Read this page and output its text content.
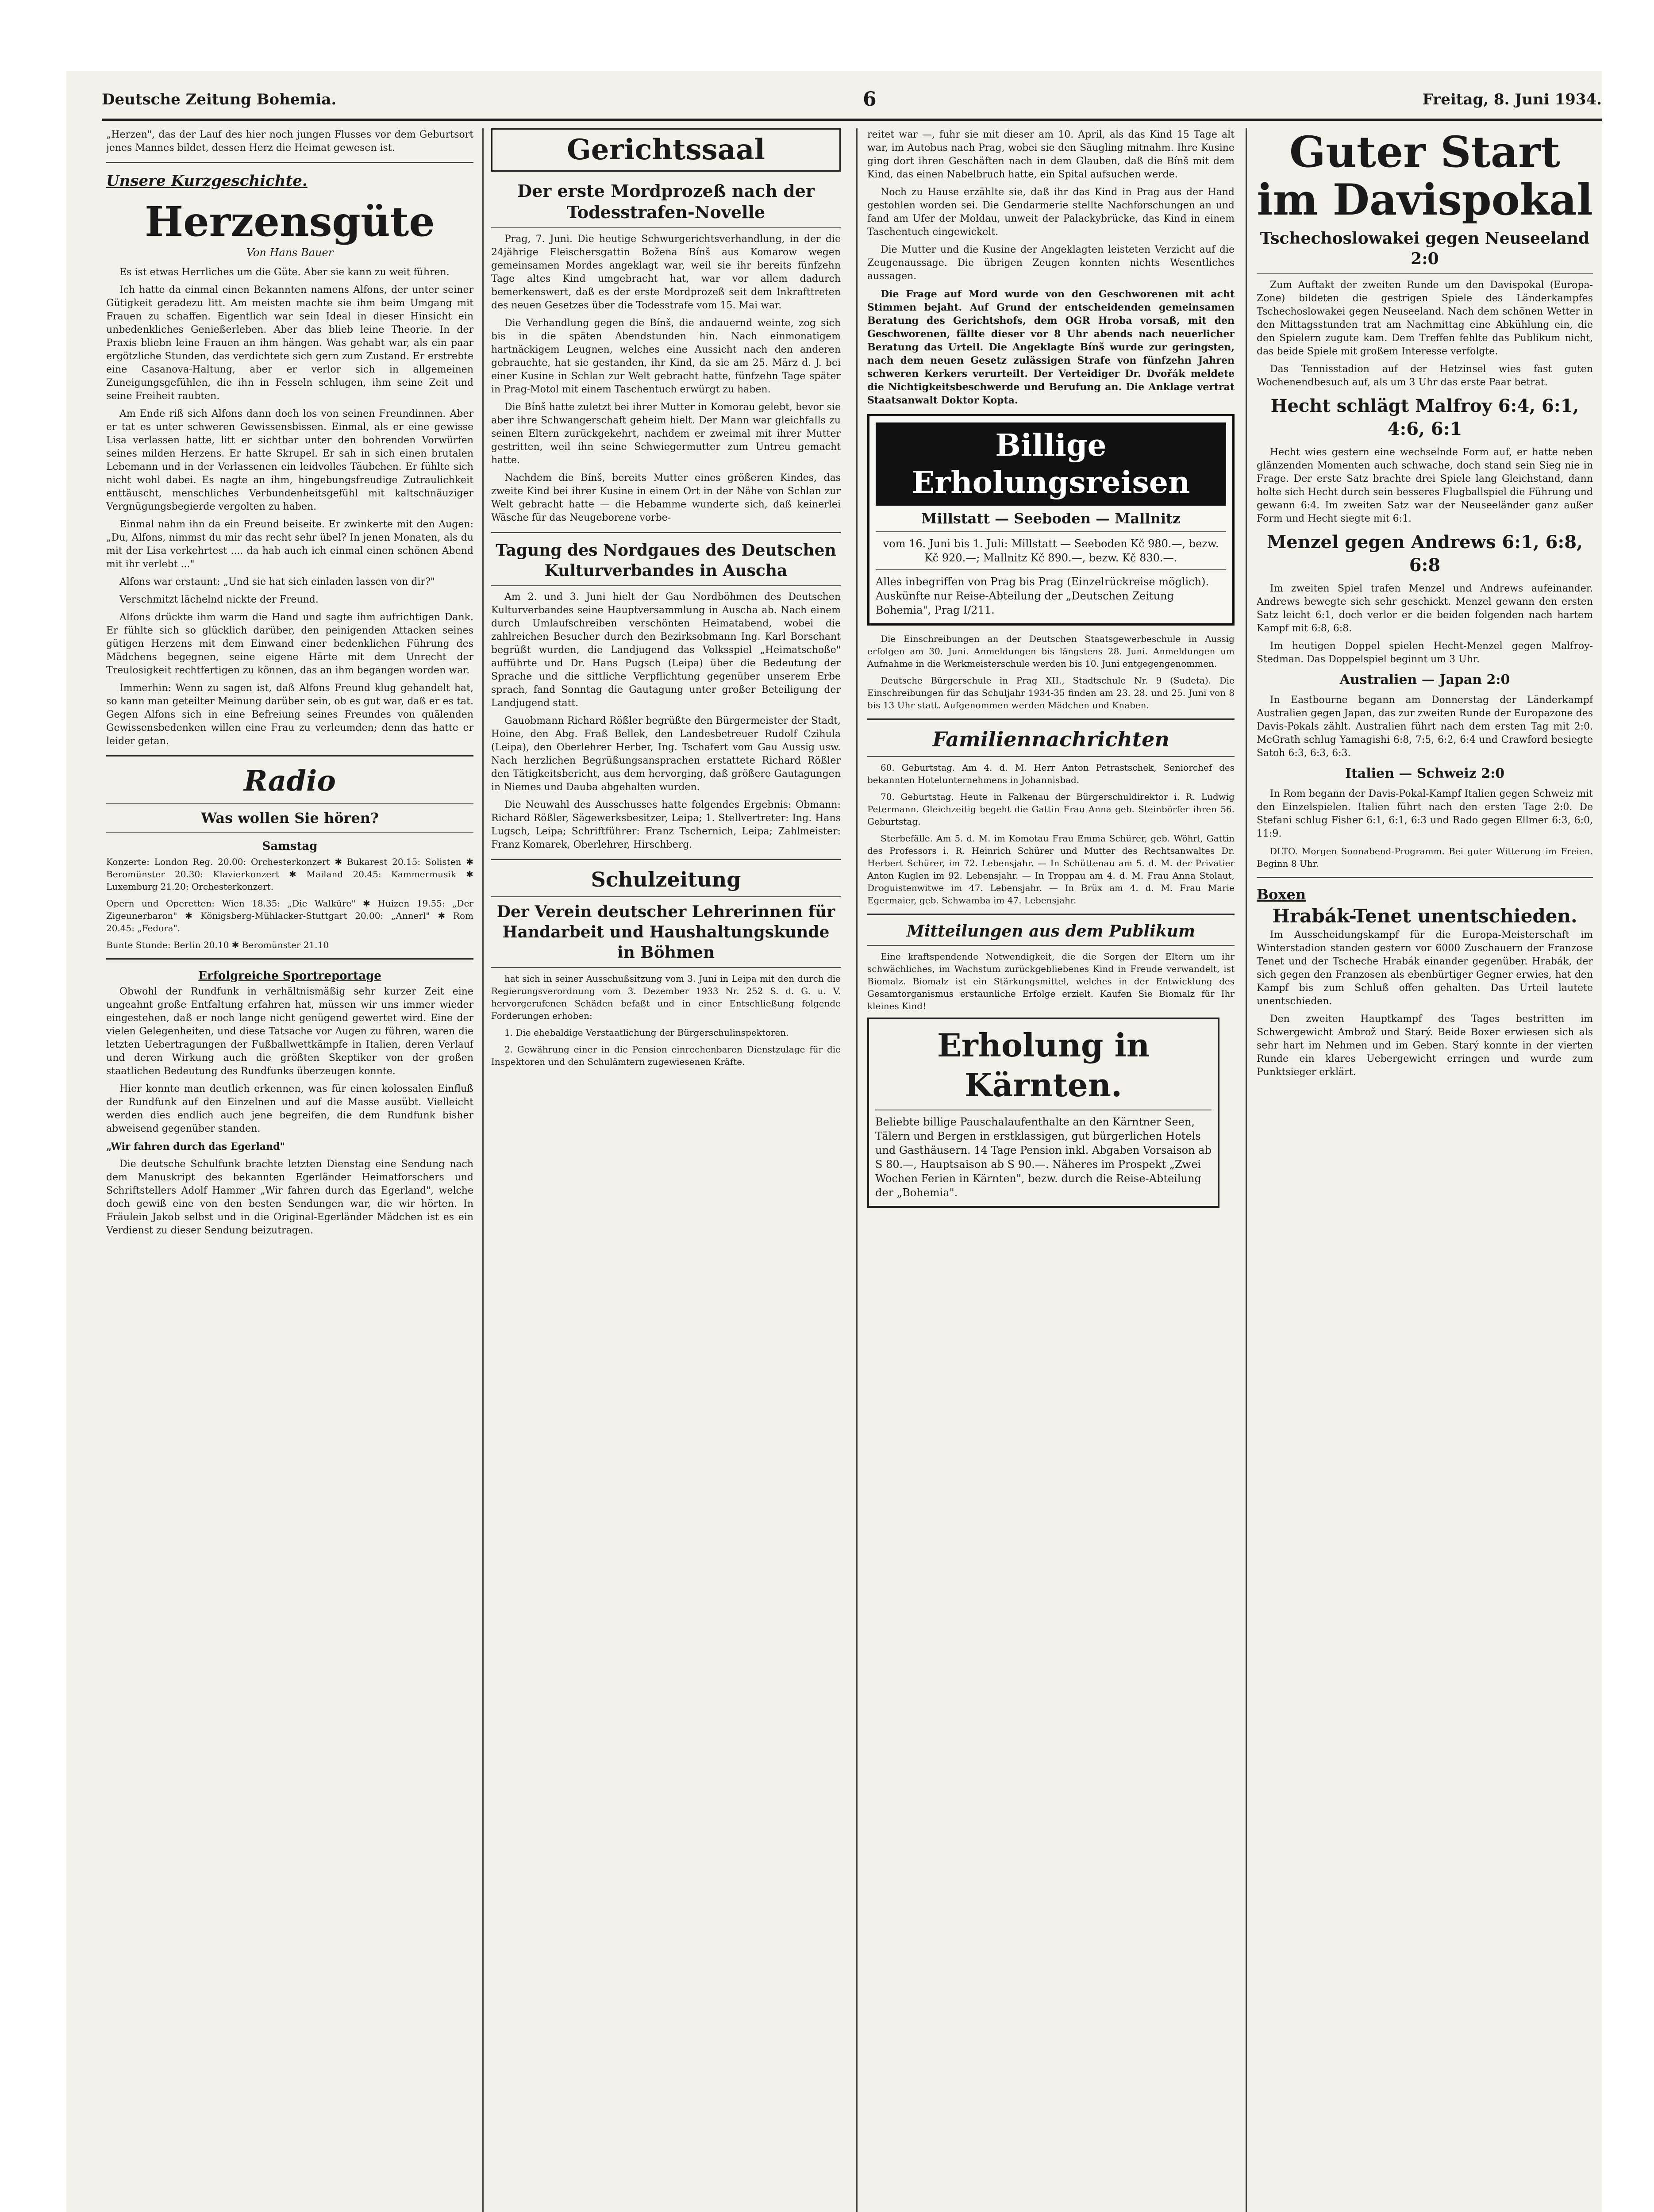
Deutsche Zeitung Bohemia.	6	Freitag, 8. Juni 1934.

„Herzen", das der Lauf des hier noch jungen Flusses vor dem Geburtsort jenes Mannes bildet, dessen Herz die Heimat gewesen ist.

Unsere Kurzgeschichte.
Herzensgüte
Von Hans Bauer

Es ist etwas Herrliches um die Güte. Aber sie kann zu weit führen.

Ich hatte da einmal einen Bekannten namens Alfons, der unter seiner Gütigkeit geradezu litt. Am meisten machte sie ihm beim Umgang mit Frauen zu schaffen. Eigentlich war sein Ideal in dieser Hinsicht ein unbedenkliches Genießerleben. Aber das blieb leine Theorie. In der Praxis bliebn leine Frauen an ihm hängen. Was gehabt war, als ein paar ergötzliche Stunden, das verdichtete sich gern zum Zustand. Er erstrebte eine Casanova-Haltung, aber er verlor sich in allgemeinen Zuneigungsgefühlen, die ihn in Fesseln schlugen, ihm seine Zeit und seine Freiheit raubten.

Am Ende riß sich Alfons dann doch los von seinen Freundinnen. Aber er tat es unter schweren Gewissensbissen. Einmal, als er eine gewisse Lisa verlassen hatte, litt er sichtbar unter den bohrenden Vorwürfen seines milden Herzens. Er hatte Skrupel. Er sah in sich einen brutalen Lebemann und in der Verlassenen ein leidvolles Täubchen. Er fühlte sich nicht wohl dabei. Es nagte an ihm, hingebungsfreudige Zutraulichkeit enttäuscht, menschliches Verbundenheitsgefühl mit kaltschnäuziger Vergnügungsbegierde vergolten zu haben.

Einmal nahm ihn da ein Freund beiseite. Er zwinkerte mit den Augen: „Du, Alfons, nimmst du mir das recht sehr übel? In jenen Monaten, als du mit der Lisa verkehrtest .... da hab auch ich einmal einen schönen Abend mit ihr verlebt ..."

Alfons war erstaunt: „Und sie hat sich einladen lassen von dir?"

Verschmitzt lächelnd nickte der Freund.

Alfons drückte ihm warm die Hand und sagte ihm aufrichtigen Dank. Er fühlte sich so glücklich darüber, den peinigenden Attacken seines gütigen Herzens mit dem Einwand einer bedenklichen Führung des Mädchens begegnen, seine eigene Härte mit dem Unrecht der Treulosigkeit rechtfertigen zu können, das an ihm begangen worden war.

Immerhin: Wenn zu sagen ist, daß Alfons Freund klug gehandelt hat, so kann man geteilter Meinung darüber sein, ob es gut war, daß er es tat. Gegen Alfons sich in eine Befreiung seines Freundes von quälenden Gewissensbedenken willen eine Frau zu verleumden; denn das hatte er leider getan.

Radio
Was wollen Sie hören?
Samstag

Konzerte: London Reg. 20.00: Orchesterkonzert ✱ Bukarest 20.15: Solisten ✱ Beromünster 20.30: Klavierkonzert ✱ Mailand 20.45: Kammermusik ✱ Luxemburg 21.20: Orchesterkonzert.

Opern und Operetten: Wien 18.35: „Die Walküre" ✱ Huizen 19.55: „Der Zigeunerbaron" ✱ Königsberg-Mühlacker-Stuttgart 20.00: „Annerl" ✱ Rom 20.45: „Fedora".

Bunte Stunde: Berlin 20.10 ✱ Beromünster 21.10

Erfolgreiche Sportreportage

Obwohl der Rundfunk in verhältnismäßig sehr kurzer Zeit eine ungeahnt große Entfaltung erfahren hat, müssen wir uns immer wieder eingestehen, daß er noch lange nicht genügend gewertet wird. Eine der vielen Gelegenheiten, und diese Tatsache vor Augen zu führen, waren die letzten Uebertragungen der Fußballwettkämpfe in Italien, deren Verlauf und deren Wirkung auch die größten Skeptiker von der großen staatlichen Bedeutung des Rundfunks überzeugen konnte.

Hier konnte man deutlich erkennen, was für einen kolossalen Einfluß der Rundfunk auf den Einzelnen und auf die Masse ausübt. Vielleicht werden dies endlich auch jene begreifen, die dem Rundfunk bisher abweisend gegenüber standen.

„Wir fahren durch das Egerland"

Die deutsche Schulfunk brachte letzten Dienstag eine Sendung nach dem Manuskript des bekannten Egerländer Heimatforschers und Schriftstellers Adolf Hammer „Wir fahren durch das Egerland", welche doch gewiß eine von den besten Sendungen war, die wir hörten. In Fräulein Jakob selbst und in die Original-Egerländer Mädchen ist es ein Verdienst zu dieser Sendung beizutragen.

Gerichtssaal
Der erste Mordprozeß nach der Todesstrafen-Novelle

Prag, 7. Juni. Die heutige Schwurgerichtsverhandlung, in der die 24jährige Fleischersgattin Božena Bínš aus Komarow wegen gemeinsamen Mordes angeklagt war, weil sie ihr bereits fünfzehn Tage altes Kind umgebracht hat, war vor allem dadurch bemerkenswert, daß es der erste Mordprozeß seit dem Inkrafttreten des neuen Gesetzes über die Todesstrafe vom 15. Mai war.

Die Verhandlung gegen die Bínš, die andauernd weinte, zog sich bis in die späten Abendstunden hin. Nach einmonatigem hartnäckigem Leugnen, welches eine Aussicht nach den anderen gebrauchte, hat sie gestanden, ihr Kind, da sie am 25. März d. J. bei einer Kusine in Schlan zur Welt gebracht hatte, fünfzehn Tage später in Prag-Motol mit einem Taschentuch erwürgt zu haben.

Die Bínš hatte zuletzt bei ihrer Mutter in Komorau gelebt, bevor sie aber ihre Schwangerschaft geheim hielt. Der Mann war gleichfalls zu seinen Eltern zurückgekehrt, nachdem er zweimal mit ihrer Mutter gestritten, weil ihn seine Schwiegermutter zum Untreu gemacht hatte.

Nachdem die Bínš, bereits Mutter eines größeren Kindes, das zweite Kind bei ihrer Kusine in einem Ort in der Nähe von Schlan zur Welt gebracht hatte — die Hebamme wunderte sich, daß keinerlei Wäsche für das Neugeborene vorbe-

Tagung des Nordgaues des Deutschen Kulturverbandes in Auscha

Am 2. und 3. Juni hielt der Gau Nordböhmen des Deutschen Kulturverbandes seine Hauptversammlung in Auscha ab. Nach einem durch Umlaufschreiben verschönten Heimatabend, wobei die zahlreichen Besucher durch den Bezirksobmann Ing. Karl Borschant begrüßt wurden, die Landjugend das Volksspiel „Heimatschoße" aufführte und Dr. Hans Pugsch (Leipa) über die Bedeutung der Sprache und die sittliche Verpflichtung gegenüber unserem Erbe sprach, fand Sonntag die Gautagung unter großer Beteiligung der Landjugend statt.

Gauobmann Richard Rößler begrüßte den Bürgermeister der Stadt, Hoine, den Abg. Fraß Bellek, den Landesbetreuer Rudolf Czihula (Leipa), den Oberlehrer Herber, Ing. Tschafert vom Gau Aussig usw. Nach herzlichen Begrüßungsansprachen erstattete Richard Rößler den Tätigkeitsbericht, aus dem hervorging, daß größere Gautagungen in Niemes und Dauba abgehalten wurden.

Die Neuwahl des Ausschusses hatte folgendes Ergebnis: Obmann: Richard Rößler, Sägewerksbesitzer, Leipa; 1. Stellvertreter: Ing. Hans Lugsch, Leipa; Schriftführer: Franz Tschernich, Leipa; Zahlmeister: Franz Komarek, Oberlehrer, Hirschberg.

Schulzeitung
Der Verein deutscher Lehrerinnen für Handarbeit und Haushaltungskunde in Böhmen

hat sich in seiner Ausschußsitzung vom 3. Juni in Leipa mit den durch die Regierungsverordnung vom 3. Dezember 1933 Nr. 252 S. d. G. u. V. hervorgerufenen Schäden befaßt und in einer Entschließung folgende Forderungen erhoben:

1. Die ehebaldige Verstaatlichung der Bürgerschulinspektoren.

2. Gewährung einer in die Pension einrechenbaren Dienstzulage für die Inspektoren und den Schulämtern zugewiesenen Kräfte.

reitet war —, fuhr sie mit dieser am 10. April, als das Kind 15 Tage alt war, im Autobus nach Prag, wobei sie den Säugling mitnahm. Ihre Kusine ging dort ihren Geschäften nach in dem Glauben, daß die Bínš mit dem Kind, das einen Nabelbruch hatte, ein Spital aufsuchen werde.

Noch zu Hause erzählte sie, daß ihr das Kind in Prag aus der Hand gestohlen worden sei. Die Gendarmerie stellte Nachforschungen an und fand am Ufer der Moldau, unweit der Palackybrücke, das Kind in einem Taschentuch eingewickelt.

Die Mutter und die Kusine der Angeklagten leisteten Verzicht auf die Zeugenaussage. Die übrigen Zeugen konnten nichts Wesentliches aussagen.

Die Frage auf Mord wurde von den Geschworenen mit acht Stimmen bejaht. Auf Grund der entscheidenden gemeinsamen Beratung des Gerichtshofs, dem OGR Hroba vorsaß, mit den Geschworenen, fällte dieser vor 8 Uhr abends nach neuerlicher Beratung das Urteil. Die Angeklagte Bínš wurde zur geringsten, nach dem neuen Gesetz zulässigen Strafe von fünfzehn Jahren schweren Kerkers verurteilt. Der Verteidiger Dr. Dvořák meldete die Nichtigkeitsbeschwerde und Berufung an. Die Anklage vertrat Staatsanwalt Doktor Kopta.

Billige Erholungsreisen
Millstatt — Seeboden — Mallnitz
vom 16. Juni bis 1. Juli: Millstatt — Seeboden Kč 980.—, bezw. Kč 920.—; Mallnitz Kč 890.—, bezw. Kč 830.—.
Alles inbegriffen von Prag bis Prag (Einzelrückreise möglich). Auskünfte nur Reise-Abteilung der „Deutschen Zeitung Bohemia", Prag I/211.

Die Einschreibungen an der Deutschen Staatsgewerbeschule in Aussig erfolgen am 30. Juni. Anmeldungen bis längstens 28. Juni. Anmeldungen um Aufnahme in die Werkmeisterschule werden bis 10. Juni entgegengenommen.

Deutsche Bürgerschule in Prag XII., Stadtschule Nr. 9 (Sudeta). Die Einschreibungen für das Schuljahr 1934-35 finden am 23. 28. und 25. Juni von 8 bis 13 Uhr statt. Aufgenommen werden Mädchen und Knaben.

Familiennachrichten

60. Geburtstag. Am 4. d. M. Herr Anton Petrastschek, Seniorchef des bekannten Hotelunternehmens in Johannisbad.

70. Geburtstag. Heute in Falkenau der Bürgerschuldirektor i. R. Ludwig Petermann. Gleichzeitig begeht die Gattin Frau Anna geb. Steinbörfer ihren 56. Geburtstag.

Sterbefälle. Am 5. d. M. im Komotau Frau Emma Schürer, geb. Wöhrl, Gattin des Professors i. R. Heinrich Schürer und Mutter des Rechtsanwaltes Dr. Herbert Schürer, im 72. Lebensjahr. — In Schüttenau am 5. d. M. der Privatier Anton Kuglen im 92. Lebensjahr. — In Troppau am 4. d. M. Frau Anna Stolaut, Droguistenwitwe im 47. Lebensjahr. — In Brüx am 4. d. M. Frau Marie Egermaier, geb. Schwamba im 47. Lebensjahr.

Mitteilungen aus dem Publikum

Eine kraftspendende Notwendigkeit, die die Sorgen der Eltern um ihr schwächliches, im Wachstum zurückgebliebenes Kind in Freude verwandelt, ist Biomalz. Biomalz ist ein Stärkungsmittel, welches in der Entwicklung des Gesamtorganismus erstaunliche Erfolge erzielt. Kaufen Sie Biomalz für Ihr kleines Kind!

Erholung in Kärnten.
Beliebte billige Pauschalaufenthalte an den Kärntner Seen, Tälern und Bergen in erstklassigen, gut bürgerlichen Hotels und Gasthäusern. 14 Tage Pension inkl. Abgaben Vorsaison ab S 80.—, Hauptsaison ab S 90.—. Näheres im Prospekt „Zwei Wochen Ferien in Kärnten", bezw. durch die Reise-Abteilung der „Bohemia".
Guter Start im Davispokal
Tschechoslowakei gegen Neuseeland 2:0

Zum Auftakt der zweiten Runde um den Davispokal (Europa-Zone) bildeten die gestrigen Spiele des Länderkampfes Tschechoslowakei gegen Neuseeland. Nach dem schönen Wetter in den Mittagsstunden trat am Nachmittag eine Abkühlung ein, die den Spielern zugute kam. Dem Treffen fehlte das Publikum nicht, das beide Spiele mit großem Interesse verfolgte.

Das Tennisstadion auf der Hetzinsel wies fast guten Wochenendbesuch auf, als um 3 Uhr das erste Paar betrat.

Hecht schlägt Malfroy 6:4, 6:1, 4:6, 6:1

Hecht wies gestern eine wechselnde Form auf, er hatte neben glänzenden Momenten auch schwache, doch stand sein Sieg nie in Frage. Der erste Satz brachte drei Spiele lang Gleichstand, dann holte sich Hecht durch sein besseres Flugballspiel die Führung und gewann 6:4. Im zweiten Satz war der Neuseeländer ganz außer Form und Hecht siegte mit 6:1.

Menzel gegen Andrews 6:1, 6:8, 6:8

Im zweiten Spiel trafen Menzel und Andrews aufeinander. Andrews bewegte sich sehr geschickt. Menzel gewann den ersten Satz leicht 6:1, doch verlor er die beiden folgenden nach hartem Kampf mit 6:8, 6:8.

Im heutigen Doppel spielen Hecht-Menzel gegen Malfroy-Stedman. Das Doppelspiel beginnt um 3 Uhr.

Australien — Japan 2:0

In Eastbourne begann am Donnerstag der Länderkampf Australien gegen Japan, das zur zweiten Runde der Europazone des Davis-Pokals zählt. Australien führt nach dem ersten Tag mit 2:0. McGrath schlug Yamagishi 6:8, 7:5, 6:2, 6:4 und Crawford besiegte Satoh 6:3, 6:3, 6:3.

Italien — Schweiz 2:0

In Rom begann der Davis-Pokal-Kampf Italien gegen Schweiz mit den Einzelspielen. Italien führt nach den ersten Tage 2:0. De Stefani schlug Fisher 6:1, 6:1, 6:3 und Rado gegen Ellmer 6:3, 6:0, 11:9.

DLTO. Morgen Sonnabend-Programm. Bei guter Witterung im Freien. Beginn 8 Uhr.

Boxen
Hrabák-Tenet unentschieden.

Im Ausscheidungskampf für die Europa-Meisterschaft im Winterstadion standen gestern vor 6000 Zuschauern der Franzose Tenet und der Tscheche Hrabák einander gegenüber. Hrabák, der sich gegen den Franzosen als ebenbürtiger Gegner erwies, hat den Kampf bis zum Schluß offen gehalten. Das Urteil lautete unentschieden.

Den zweiten Hauptkampf des Tages bestritten im Schwergewicht Ambrož und Starý. Beide Boxer erwiesen sich als sehr hart im Nehmen und im Geben. Starý konnte in der vierten Runde ein klares Uebergewicht erringen und wurde zum Punktsieger erklärt.
